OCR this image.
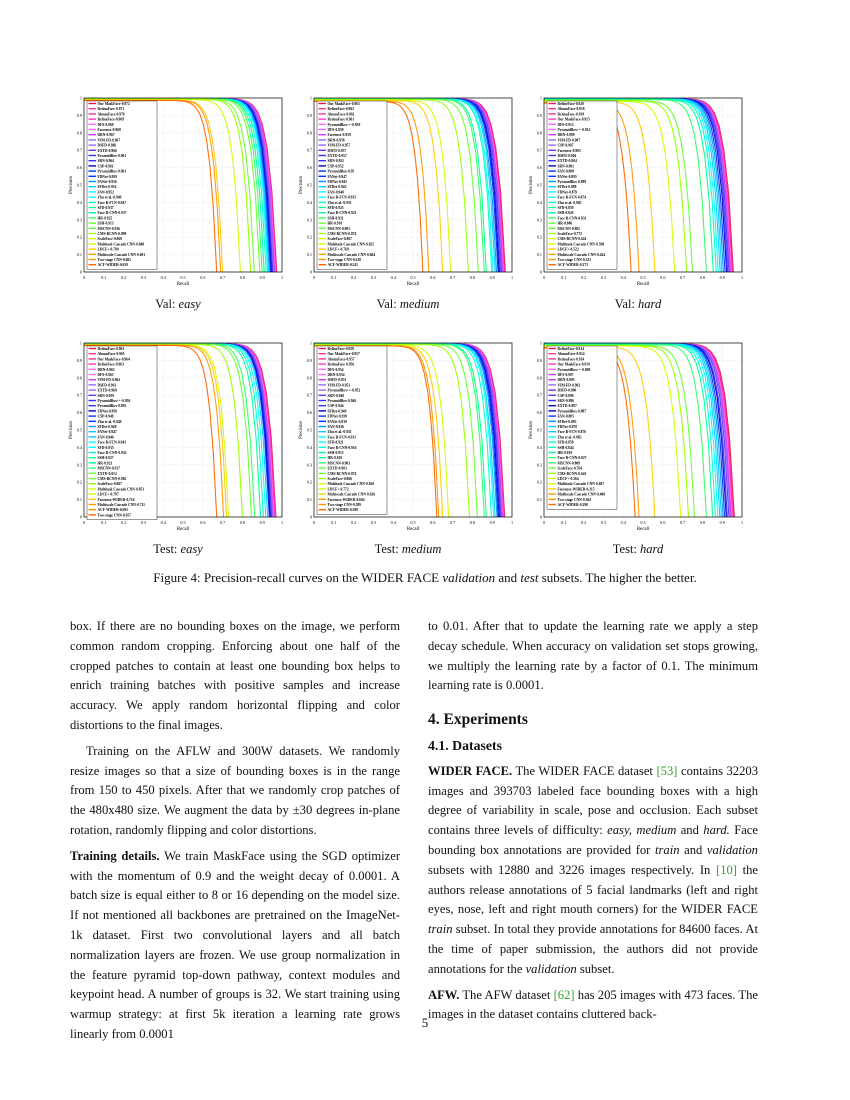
0	0.1	0.2	0.3	0.4	0.5	0.6	0.7	0.8	0.9	1
0
0.1
0.2
0.3
0.4
0.5
0.6
0.7
0.8
0.9
1
Recall
Precision
Our MaskFace-0.972
RetinaFace-0.971
AlnumFace-0.970
RefineFace-0.969
DFS-0.969
Facenesx-0.968
DRN-0.967
VIM-FD-0.967
DSFD-0.966
EXTD-0.966
PyramidBox-0.961
SRN-0.964
CSP-0.961
PyramidBox-0.961
FDNet-0.959
FANet-0.956
SFDet-0.954
FAN-0.952
Zhu et al.-0.949
Face R-FCN-0.947
SFD-0.937
Face R-CNN-0.937
HR-0.925
SSH-0.913
MSCNN-0.916
CMS-RCNN-0.899
ScaleFace-0.868
Multitask Cascade CNN-0.848
LDCF+-0.790
Multiscale Cascade CNN-0.691
Two-stage CNN-0.681
ACF-WIDER-0.659
0	0.1	0.2	0.3	0.4	0.5	0.6	0.7	0.8	0.9	1
0
0.1
0.2
0.3
0.4
0.5
0.6
0.7
0.8
0.9
1
Recall
Precision
Our MaskFace-0.965
RefineFace-0.962
AlnumFace-0.961
RetinaFace-0.961
PyramidBox++-0.959
DFS-0.959
Facenesx-0.959
DRN-0.958
VIM-FD-0.957
DSFD-0.957
EXTD-0.957
SRN-0.952
CSP-0.952
PyramidBox-0.95
FANet-0.947
FDNet-0.945
SFDet-0.945
FAN-0.940
Face R-FCN-0.935
Zhu et al.-0.935
SFD-0.925
Face R-CNN-0.921
SSH-0.921
HR-0.910
MSCNN-0.903
CMS-RCNN-0.874
ScaleFace-0.867
Multitask Cascade CNN-0.825
LDCF+-0.769
Multiscale Cascade CNN-0.664
Two-stage CNN-0.618
ACF-WIDER-0.541
0	0.1	0.2	0.3	0.4	0.5	0.6	0.7	0.8	0.9	1
0
0.1
0.2
0.3
0.4
0.5
0.6
0.7
0.8
0.9
1
Recall
Precision
RefineFace-0.920
AlnumFace-0.918
RetinaFace-0.918
Our MaskFace-0.915
DFS-0.912
PyramidBox++-0.912
DRN-0.909
VIM-FD-0.907
CSP-0.907
Facenesx-0.905
DSFD-0.904
EXTD-0.904
SRN-0.901
FAN-0.900
FANet-0.895
PyramidBox-0.889
SFDet-0.888
FDNet-0.879
Face R-FCN-0.874
Zhu et al.-0.865
SFD-0.859
SSH-0.845
Face R-CNN-0.831
HR-0.806
MSCNN-0.802
ScaleFace-0.772
CMS-RCNN-0.624
Multitask Cascade CNN-0.598
LDCF+-0.522
Multiscale Cascade CNN-0.424
Two-stage CNN-0.323
ACF-WIDER-0.273
0	0.1	0.2	0.3	0.4	0.5	0.6	0.7	0.8	0.9	1
0
0.1
0.2
0.3
0.4
0.5
0.6
0.7
0.8
0.9
1
Recall
Precision
RetinaFace-0.963
AlnumFace-0.965
Our MaskFace-0.964
RefineFace-0.963
DRN-0.963
DFS-0.963
VIM-FD-0.962
DSFD-0.961
EXTD-0.960
SRN-0.959
PyramidBox++-0.956
PyramidBox-0.956
FDNet-0.950
CSP-0.949
Zhu et al.-0.949
SFDet-0.948
FANet-0.947
FAN-0.946
Face R-FCN-0.943
SFD-0.935
Face R-CNN-0.932
SSH-0.927
HR-0.923
MSCNN-0.917
EXTD-0.912
CMS-RCNN-0.902
ScaleFace-0.867
Multitask Cascade CNN-0.851
LDCF+-0.797
Facenesx-WIDER-0.716
Multiscale Cascade CNN-0.711
ACF-WIDER-0.695
Two-stage CNN-0.657
0	0.1	0.2	0.3	0.4	0.5	0.6	0.7	0.8	0.9	1
0
0.1
0.2
0.3
0.4
0.5
0.6
0.7
0.8
0.9
1
Recall
Precision
RefineFace-0.958
Our MaskFace-0.957
AlnumFace-0.957
RetinaFace-0.956
DFS-0.954
DRN-0.954
DSFD-0.953
VIM-FD-0.953
PyramidBox++-0.952
SRN-0.948
PyramidBox-0.946
CSP-0.944
SFDet-0.940
FDNet-0.939
FANet-0.939
FAN-0.936
Zhu et al.-0.935
Face R-FCN-0.931
SFD-0.921
Face R-CNN-0.916
SSH-0.915
HR-0.910
MSCNN-0.903
EXTD-0.903
CMS-RCNN-0.874
ScaleFace-0.866
Multitask Cascade CNN-0.820
LDCF+-0.772
Multiscale Cascade CNN-0.636
Facenesx-WIDER-0.604
Two-stage CNN-0.589
ACF-WIDER-0.588
0	0.1	0.2	0.3	0.4	0.5	0.6	0.7	0.8	0.9	1
0
0.1
0.2
0.3
0.4
0.5
0.6
0.7
0.8
0.9
1
Recall
Precision
RefineFace-0.914
AlnumFace-0.914
RetinaFace-0.914
Our MaskFace-0.910
PyramidBox++-0.909
DFS-0.907
DRN-0.903
VIM-FD-0.902
DSFD-0.900
CSP-0.899
SRN-0.896
EXTD-0.887
PyramidBox-0.887
FAN-0.885
SFDet-0.883
FDNet-0.878
Face R-FCN-0.876
Zhu et al.-0.865
SFD-0.858
SSH-0.844
HR-0.819
Face R-CNN-0.827
MSCNN-0.809
ScaleFace-0.764
CMS-RCNN-0.643
LDCF+-0.564
Multitask Cascade CNN-0.607
Facenesx-WIDER-0.315
Multiscale Cascade CNN-0.400
Two-stage CNN-0.304
ACF-WIDER-0.290
Val: easy	Val: medium	Val: hard
Test: easy	Test: medium	Test: hard
Figure 4: Precision-recall curves on the WIDER FACE validation and test subsets. The higher the better.

box. If there are no bounding boxes on the image, we perform common random cropping. Enforcing about one half of the cropped patches to contain at least one bounding box helps to enrich training batches with positive samples and increase accuracy. We apply random horizontal flipping and color distortions to the final images.

Training on the AFLW and 300W datasets. We randomly resize images so that a size of bounding boxes is in the range from 150 to 450 pixels. After that we randomly crop patches of the 480x480 size. We augment the data by ±30 degrees in-plane rotation, randomly flipping and color distortions.

Training details. We train MaskFace using the SGD optimizer with the momentum of 0.9 and the weight decay of 0.0001. A batch size is equal either to 8 or 16 depending on the model size. If not mentioned all backbones are pretrained on the ImageNet-1k dataset. First two convolutional layers and all batch normalization layers are frozen. We use group normalization in the feature pyramid top-down pathway, context modules and keypoint head. A number of groups is 32. We start training using warmup strategy: at first 5k iteration a learning rate grows linearly from 0.0001

to 0.01. After that to update the learning rate we apply a step decay schedule. When accuracy on validation set stops growing, we multiply the learning rate by a factor of 0.1. The minimum learning rate is 0.0001.

4. Experiments
4.1. Datasets

WIDER FACE. The WIDER FACE dataset [53] contains 32203 images and 393703 labeled face bounding boxes with a high degree of variability in scale, pose and occlusion. Each subset contains three levels of difficulty: easy, medium and hard. Face bounding box annotations are provided for train and validation subsets with 12880 and 3226 images respectively. In [10] the authors release annotations of 5 facial landmarks (left and right eyes, nose, left and right mouth corners) for the WIDER FACE train subset. In total they provide annotations for 84600 faces. At the time of paper submission, the authors did not provide annotations for the validation subset.

AFW. The AFW dataset [62] has 205 images with 473 faces. The images in the dataset contains cluttered back-

5
